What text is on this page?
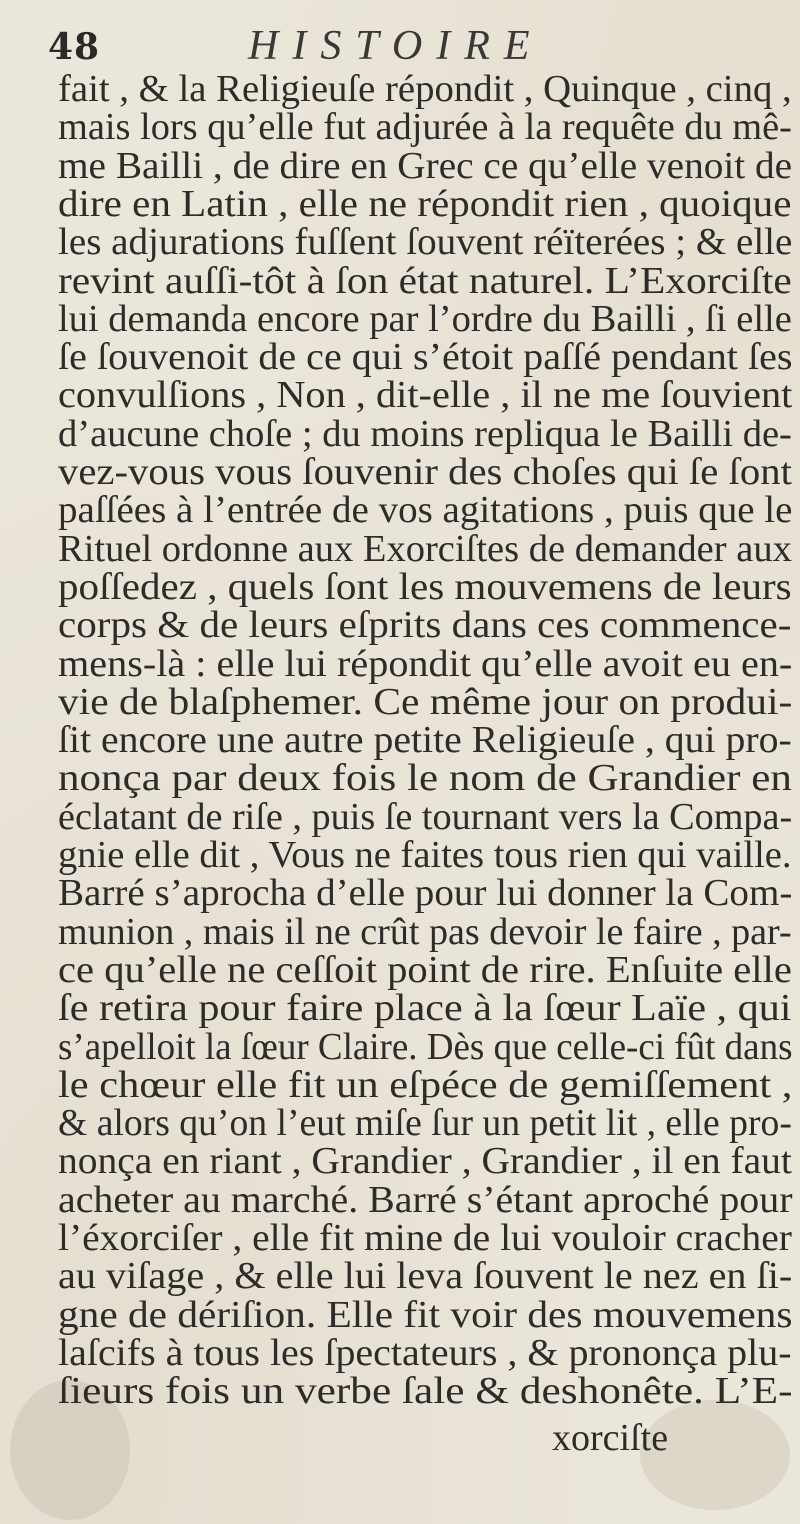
48	HISTOIRE
fait , & la Religieuſe répondit , Quinque , cinq ,
mais lors qu’elle fut adjurée à la requête du mê-
me Bailli , de dire en Grec ce qu’elle venoit de
dire en Latin , elle ne répondit rien , quoique
les adjurations fuſſent ſouvent réïterées ; & elle
revint auſſi-tôt à ſon état naturel. L’Exorciſte
lui demanda encore par l’ordre du Bailli , ſi elle
ſe ſouvenoit de ce qui s’étoit paſſé pendant ſes
convulſions , Non , dit-elle , il ne me ſouvient
d’aucune choſe ; du moins repliqua le Bailli de-
vez-vous vous ſouvenir des choſes qui ſe ſont
paſſées à l’entrée de vos agitations , puis que le
Rituel ordonne aux Exorciſtes de demander aux
poſſedez , quels ſont les mouvemens de leurs
corps & de leurs eſprits dans ces commence-
mens-là : elle lui répondit qu’elle avoit eu en-
vie de blaſphemer. Ce même jour on produi-
ſit encore une autre petite Religieuſe , qui pro-
nonça par deux fois le nom de Grandier en
éclatant de riſe , puis ſe tournant vers la Compa-
gnie elle dit , Vous ne faites tous rien qui vaille.
Barré s’aprocha d’elle pour lui donner la Com-
munion , mais il ne crût pas devoir le faire , par-
ce qu’elle ne ceſſoit point de rire. Enſuite elle
ſe retira pour faire place à la ſœur Laïe , qui
s’apelloit la ſœur Claire. Dès que celle-ci fût dans
le chœur elle fit un eſpéce de gemiſſement ,
& alors qu’on l’eut miſe ſur un petit lit , elle pro-
nonça en riant , Grandier , Grandier , il en faut
acheter au marché. Barré s’étant aproché pour
l’éxorciſer , elle fit mine de lui vouloir cracher
au viſage , & elle lui leva ſouvent le nez en ſi-
gne de dériſion. Elle fit voir des mouvemens
laſcifs à tous les ſpectateurs , & prononça plu-
ſieurs fois un verbe ſale & deshonête. L’E-
xorciſte
